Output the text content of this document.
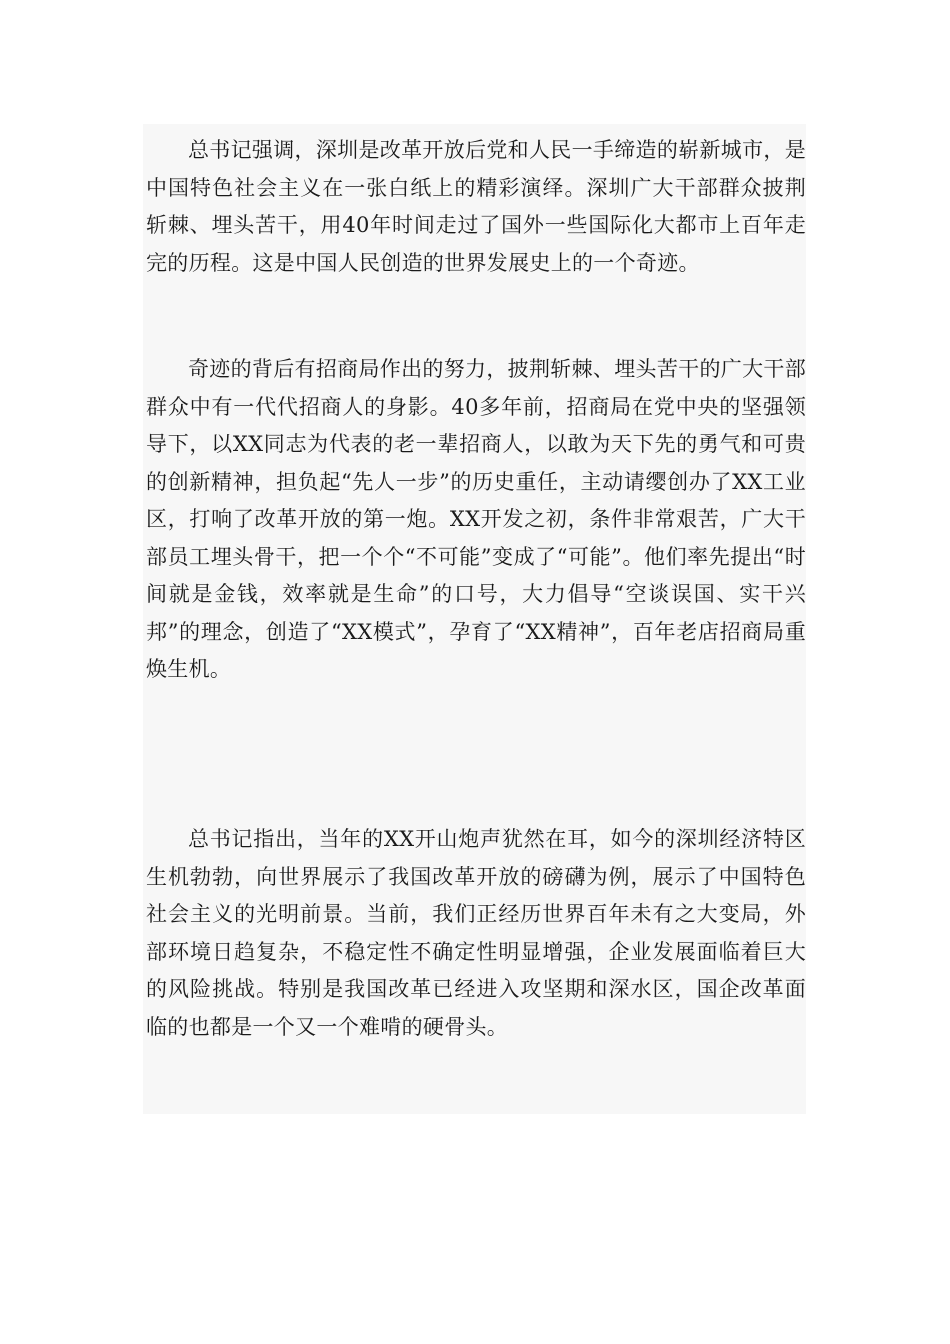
总书记强调，深圳是改革开放后党和人民一手缔造的崭新城市，是中国特色社会主义在一张白纸上的精彩演绎。深圳广大干部群众披荆斩棘、埋头苦干，用40年时间走过了国外一些国际化大都市上百年走完的历程。这是中国人民创造的世界发展史上的一个奇迹。

奇迹的背后有招商局作出的努力，披荆斩棘、埋头苦干的广大干部群众中有一代代招商人的身影。40多年前，招商局在党中央的坚强领导下，以XX同志为代表的老一辈招商人，以敢为天下先的勇气和可贵的创新精神，担负起“先人一步”的历史重任，主动请缨创办了XX工业区，打响了改革开放的第一炮。XX开发之初，条件非常艰苦，广大干部员工埋头骨干，把一个个“不可能”变成了“可能”。他们率先提出“时间就是金钱，效率就是生命”的口号，大力倡导“空谈误国、实干兴邦”的理念，创造了“XX模式”，孕育了“XX精神”，百年老店招商局重焕生机。

总书记指出，当年的XX开山炮声犹然在耳，如今的深圳经济特区生机勃勃，向世界展示了我国改革开放的磅礴为例，展示了中国特色社会主义的光明前景。当前，我们正经历世界百年未有之大变局，外部环境日趋复杂，不稳定性不确定性明显增强，企业发展面临着巨大的风险挑战。特别是我国改革已经进入攻坚期和深水区，国企改革面临的也都是一个又一个难啃的硬骨头。
